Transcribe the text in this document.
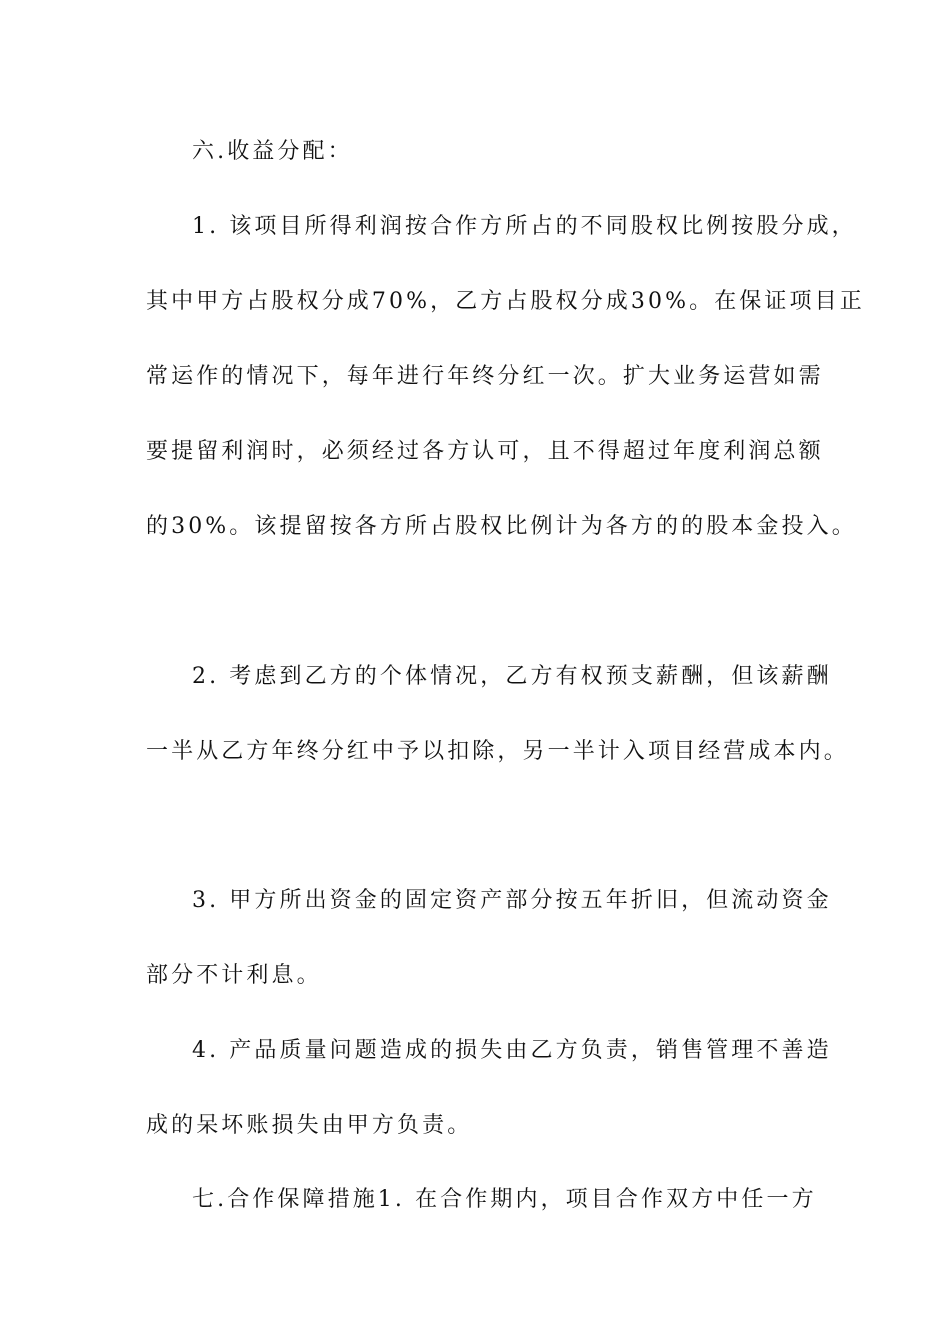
六.收益分配：
1. 该项目所得利润按合作方所占的不同股权比例按股分成，
其中甲方占股权分成70%，乙方占股权分成30%。在保证项目正
常运作的情况下，每年进行年终分红一次。扩大业务运营如需
要提留利润时，必须经过各方认可，且不得超过年度利润总额
的30%。该提留按各方所占股权比例计为各方的的股本金投入。
2. 考虑到乙方的个体情况，乙方有权预支薪酬，但该薪酬
一半从乙方年终分红中予以扣除，另一半计入项目经营成本内。
3. 甲方所出资金的固定资产部分按五年折旧，但流动资金
部分不计利息。
4. 产品质量问题造成的损失由乙方负责，销售管理不善造
成的呆坏账损失由甲方负责。
七.合作保障措施1. 在合作期内，项目合作双方中任一方
